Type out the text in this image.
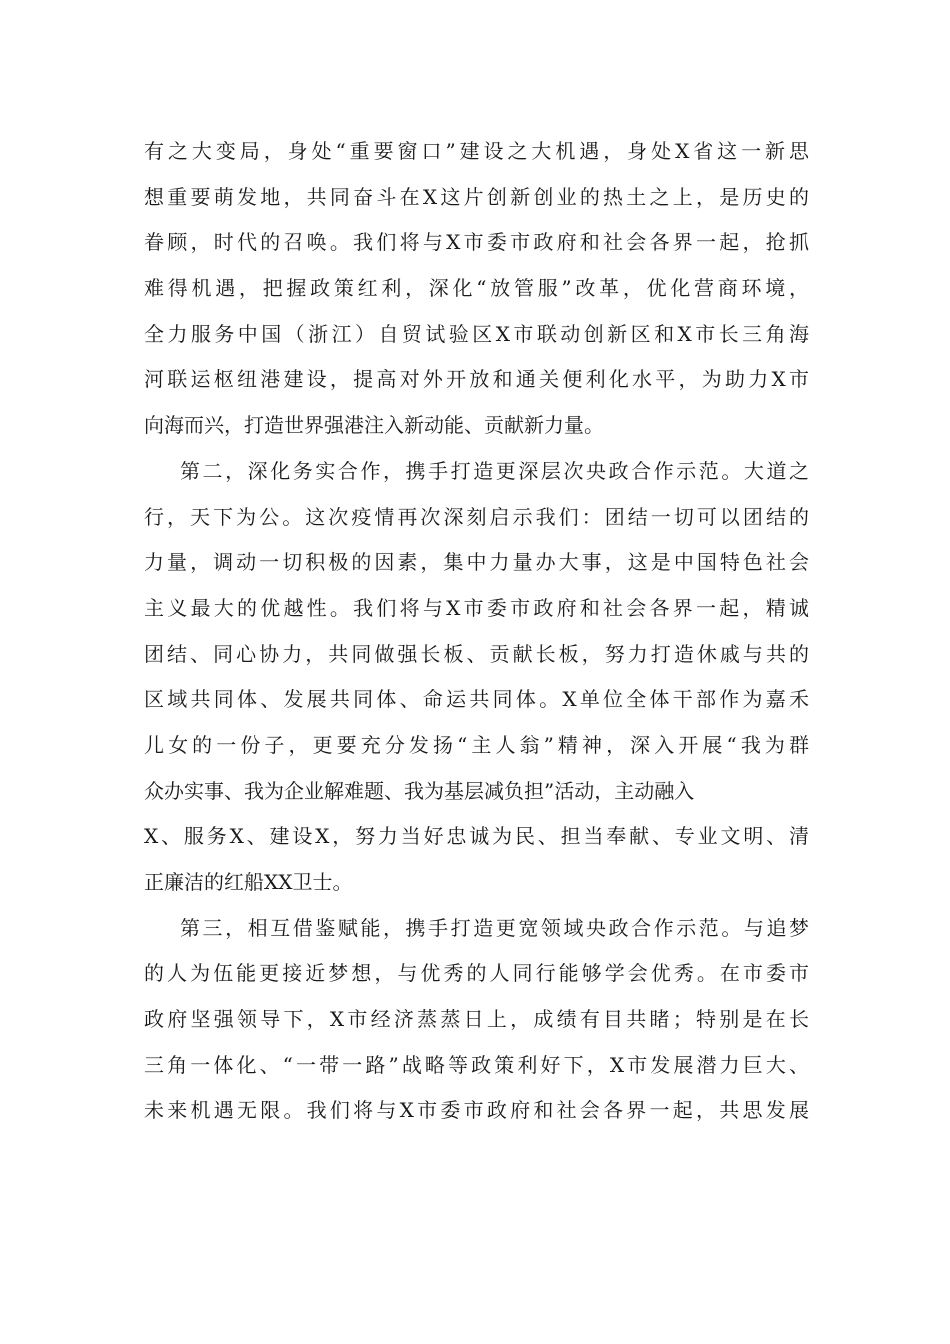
有之大变局，身处“重要窗口”建设之大机遇，身处X省这一新思
想重要萌发地，共同奋斗在X这片创新创业的热土之上，是历史的
眷顾，时代的召唤。我们将与X市委市政府和社会各界一起，抢抓
难得机遇，把握政策红利，深化“放管服”改革，优化营商环境，
全力服务中国（浙江）自贸试验区X市联动创新区和X市长三角海
河联运枢纽港建设，提高对外开放和通关便利化水平，为助力X市
向海而兴，打造世界强港注入新动能、贡献新力量。
第二，深化务实合作，携手打造更深层次央政合作示范。大道之
行，天下为公。这次疫情再次深刻启示我们：团结一切可以团结的
力量，调动一切积极的因素，集中力量办大事，这是中国特色社会
主义最大的优越性。我们将与X市委市政府和社会各界一起，精诚
团结、同心协力，共同做强长板、贡献长板，努力打造休戚与共的
区域共同体、发展共同体、命运共同体。X单位全体干部作为嘉禾
儿女的一份子，更要充分发扬“主人翁”精神，深入开展“我为群
众办实事、我为企业解难题、我为基层减负担”活动，主动融入
X、服务X、建设X，努力当好忠诚为民、担当奉献、专业文明、清
正廉洁的红船XX卫士。
第三，相互借鉴赋能，携手打造更宽领域央政合作示范。与追梦
的人为伍能更接近梦想，与优秀的人同行能够学会优秀。在市委市
政府坚强领导下，X市经济蒸蒸日上，成绩有目共睹；特别是在长
三角一体化、“一带一路”战略等政策利好下，X市发展潜力巨大、
未来机遇无限。我们将与X市委市政府和社会各界一起，共思发展
